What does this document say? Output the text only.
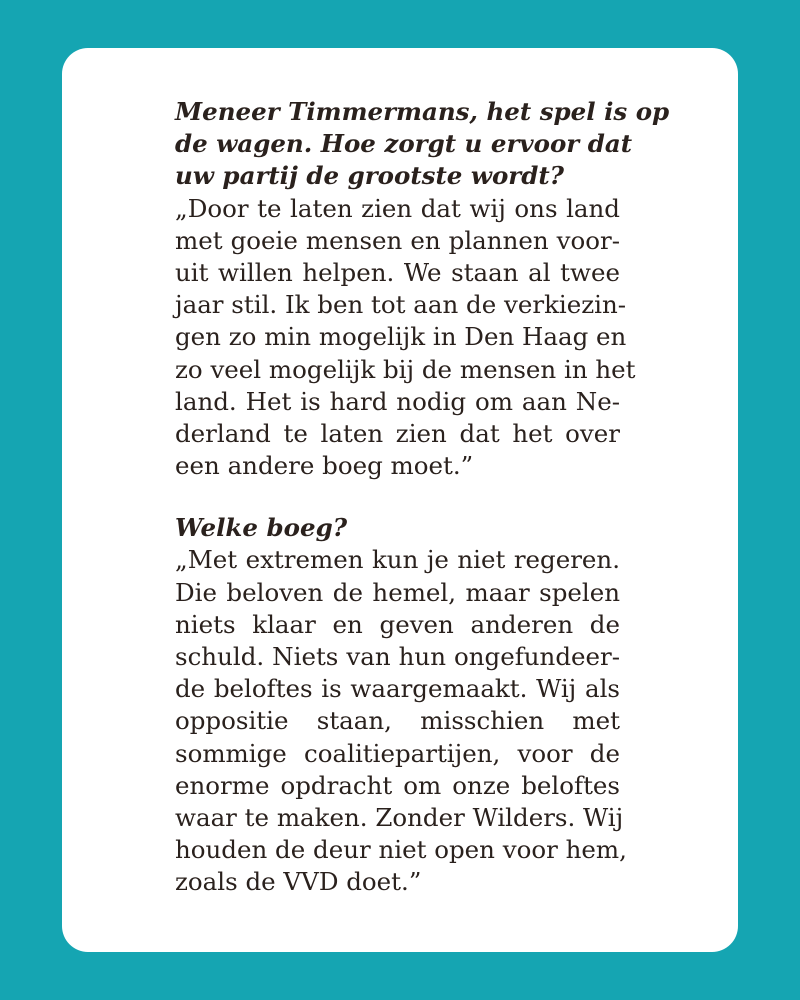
Meneer Timmermans, het spel is op
de wagen. Hoe zorgt u ervoor dat
uw partij de grootste wordt?
„Door te laten zien dat wij ons land
met goeie mensen en plannen voor-
uit willen helpen. We staan al twee
jaar stil. Ik ben tot aan de verkiezin-
gen zo min mogelijk in Den Haag en
zo veel mogelijk bij de mensen in het
land. Het is hard nodig om aan Ne-
derland te laten zien dat het over
een andere boeg moet.”
Welke boeg?
„Met extremen kun je niet regeren.
Die beloven de hemel, maar spelen
niets klaar en geven anderen de
schuld. Niets van hun ongefundeer-
de beloftes is waargemaakt. Wij als
oppositie staan, misschien met
sommige coalitiepartijen, voor de
enorme opdracht om onze beloftes
waar te maken. Zonder Wilders. Wij
houden de deur niet open voor hem,
zoals de VVD doet.”
